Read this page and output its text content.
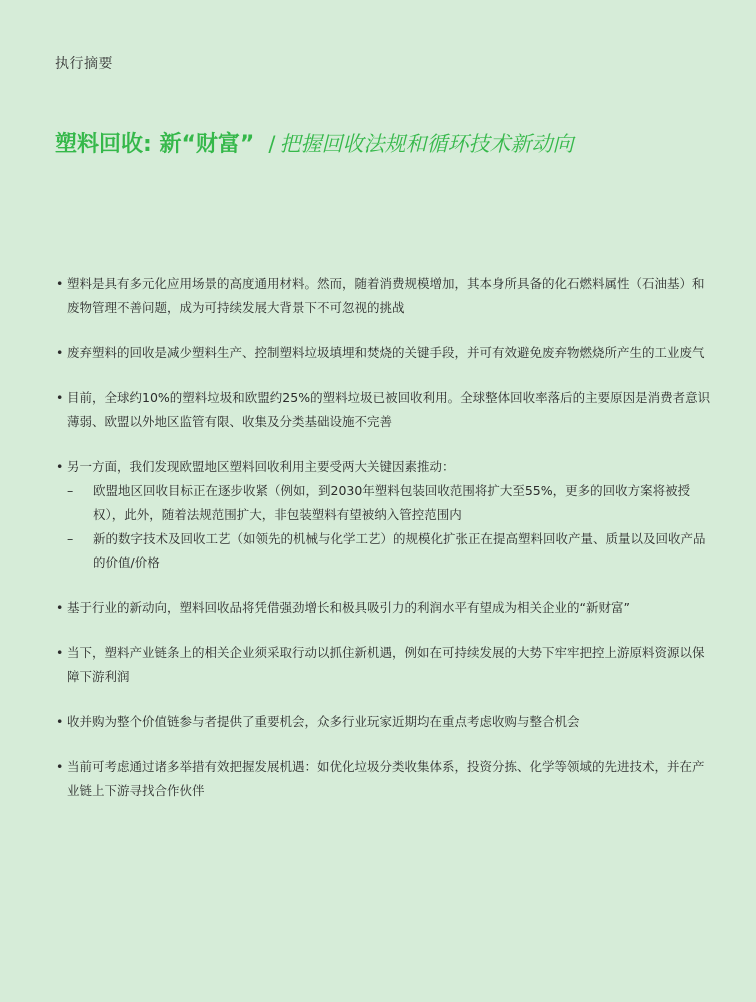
执行摘要
塑料回收: 新“财富” / 把握回收法规和循环技术新动向
• 塑料是具有多元化应用场景的高度通用材料。然而，随着消费规模增加，其本身所具备的化石燃料属性（石油基）和废物管理不善问题，成为可持续发展大背景下不可忽视的挑战
• 废弃塑料的回收是减少塑料生产、控制塑料垃圾填埋和焚烧的关键手段，并可有效避免废弃物燃烧所产生的工业废气
• 目前，全球约10%的塑料垃圾和欧盟约25%的塑料垃圾已被回收利用。全球整体回收率落后的主要原因是消费者意识薄弱、欧盟以外地区监管有限、收集及分类基础设施不完善
• 另一方面，我们发现欧盟地区塑料回收利用主要受两大关键因素推动：
– 欧盟地区回收目标正在逐步收紧（例如，到2030年塑料包装回收范围将扩大至55%，更多的回收方案将被授权），此外，随着法规范围扩大，非包装塑料有望被纳入管控范围内
– 新的数字技术及回收工艺（如领先的机械与化学工艺）的规模化扩张正在提高塑料回收产量、质量以及回收产品的价值/价格
• 基于行业的新动向，塑料回收品将凭借强劲增长和极具吸引力的利润水平有望成为相关企业的“新财富”
• 当下，塑料产业链条上的相关企业须采取行动以抓住新机遇，例如在可持续发展的大势下牢牢把控上游原料资源以保障下游利润
• 收并购为整个价值链参与者提供了重要机会，众多行业玩家近期均在重点考虑收购与整合机会
• 当前可考虑通过诸多举措有效把握发展机遇：如优化垃圾分类收集体系，投资分拣、化学等领域的先进技术，并在产业链上下游寻找合作伙伴
